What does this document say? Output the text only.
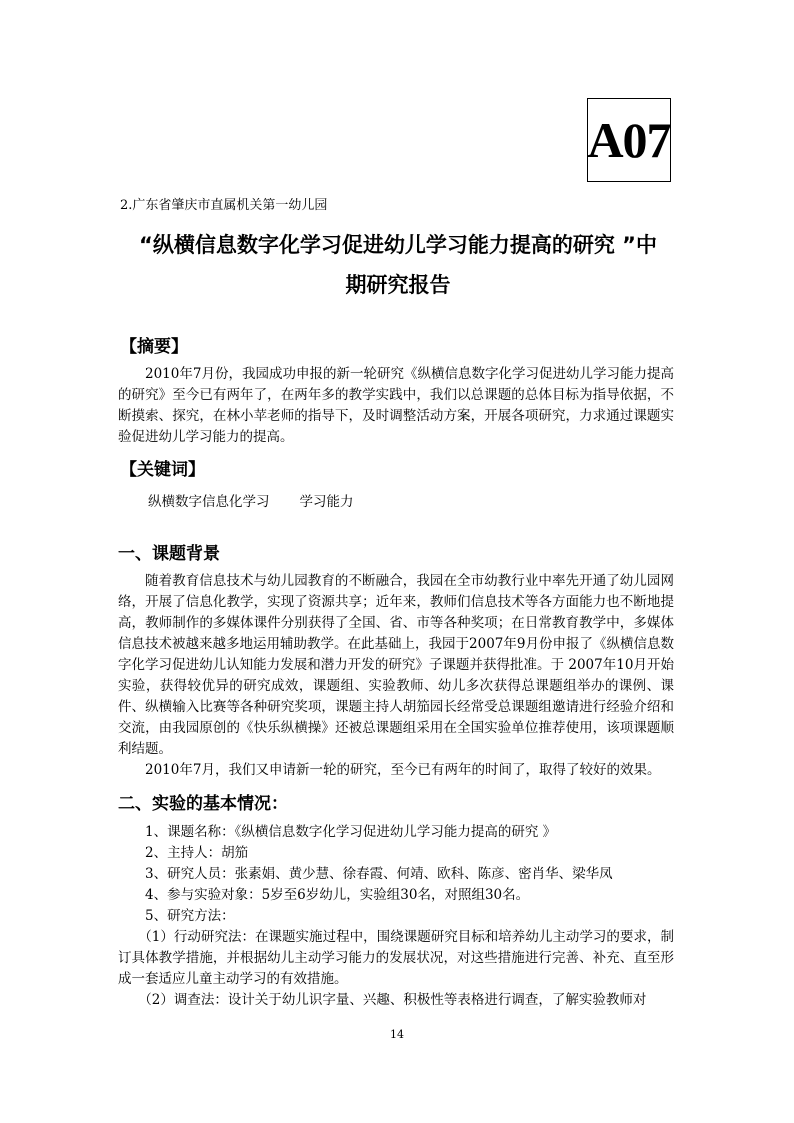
A07
2.广东省肇庆市直属机关第一幼儿园
“纵横信息数字化学习促进幼儿学习能力提高的研究 ”中
期研究报告
【摘要】
2010年7月份，我园成功申报的新一轮研究《纵横信息数字化学习促进幼儿学习能力提高的研究》至今已有两年了，在两年多的教学实践中，我们以总课题的总体目标为指导依据，不断摸索、探究，在林小苹老师的指导下，及时调整活动方案，开展各项研究，力求通过课题实验促进幼儿学习能力的提高。
【关键词】
纵横数字信息化学习 学习能力
一、课题背景
随着教育信息技术与幼儿园教育的不断融合，我园在全市幼教行业中率先开通了幼儿园网络，开展了信息化教学，实现了资源共享；近年来，教师们信息技术等各方面能力也不断地提高，教师制作的多媒体课件分别获得了全国、省、市等各种奖项；在日常教育教学中，多媒体信息技术被越来越多地运用辅助教学。在此基础上，我园于2007年9月份申报了《纵横信息数字化学习促进幼儿认知能力发展和潜力开发的研究》子课题并获得批准。于 2007年10月开始实验，获得较优异的研究成效，课题组、实验教师、幼儿多次获得总课题组举办的课例、课件、纵横输入比赛等各种研究奖项，课题主持人胡笳园长经常受总课题组邀请进行经验介绍和交流，由我园原创的《快乐纵横操》还被总课题组采用在全国实验单位推荐使用，该项课题顺利结题。
2010年7月，我们又申请新一轮的研究，至今已有两年的时间了，取得了较好的效果。
二、实验的基本情况：
1、课题名称：《纵横信息数字化学习促进幼儿学习能力提高的研究 》
2、主持人：胡笳
3、研究人员：张素娟、黄少慧、徐春霞、何靖、欧科、陈彦、密肖华、梁华凤
4、参与实验对象：5岁至6岁幼儿，实验组30名，对照组30名。
5、研究方法：
（1）行动研究法：在课题实施过程中，围绕课题研究目标和培养幼儿主动学习的要求，制订具体教学措施，并根据幼儿主动学习能力的发展状况，对这些措施进行完善、补充、直至形成一套适应儿童主动学习的有效措施。
（2）调查法：设计关于幼儿识字量、兴趣、积极性等表格进行调查，了解实验教师对
14
